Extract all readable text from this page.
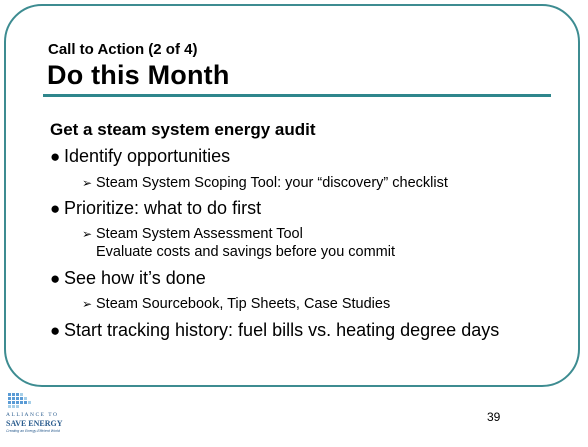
Call to Action (2 of 4)
Do this Month
Get a steam system energy audit
● Identify opportunities
➢ Steam System Scoping Tool: your “discovery” checklist
● Prioritize: what to do first
➢ Steam System Assessment Tool
Evaluate costs and savings before you commit
● See how it’s done
➢ Steam Sourcebook, Tip Sheets, Case Studies
● Start tracking history: fuel bills vs. heating degree days
ALLIANCE TO
SAVE ENERGY
Creating an Energy-Efficient World
39
